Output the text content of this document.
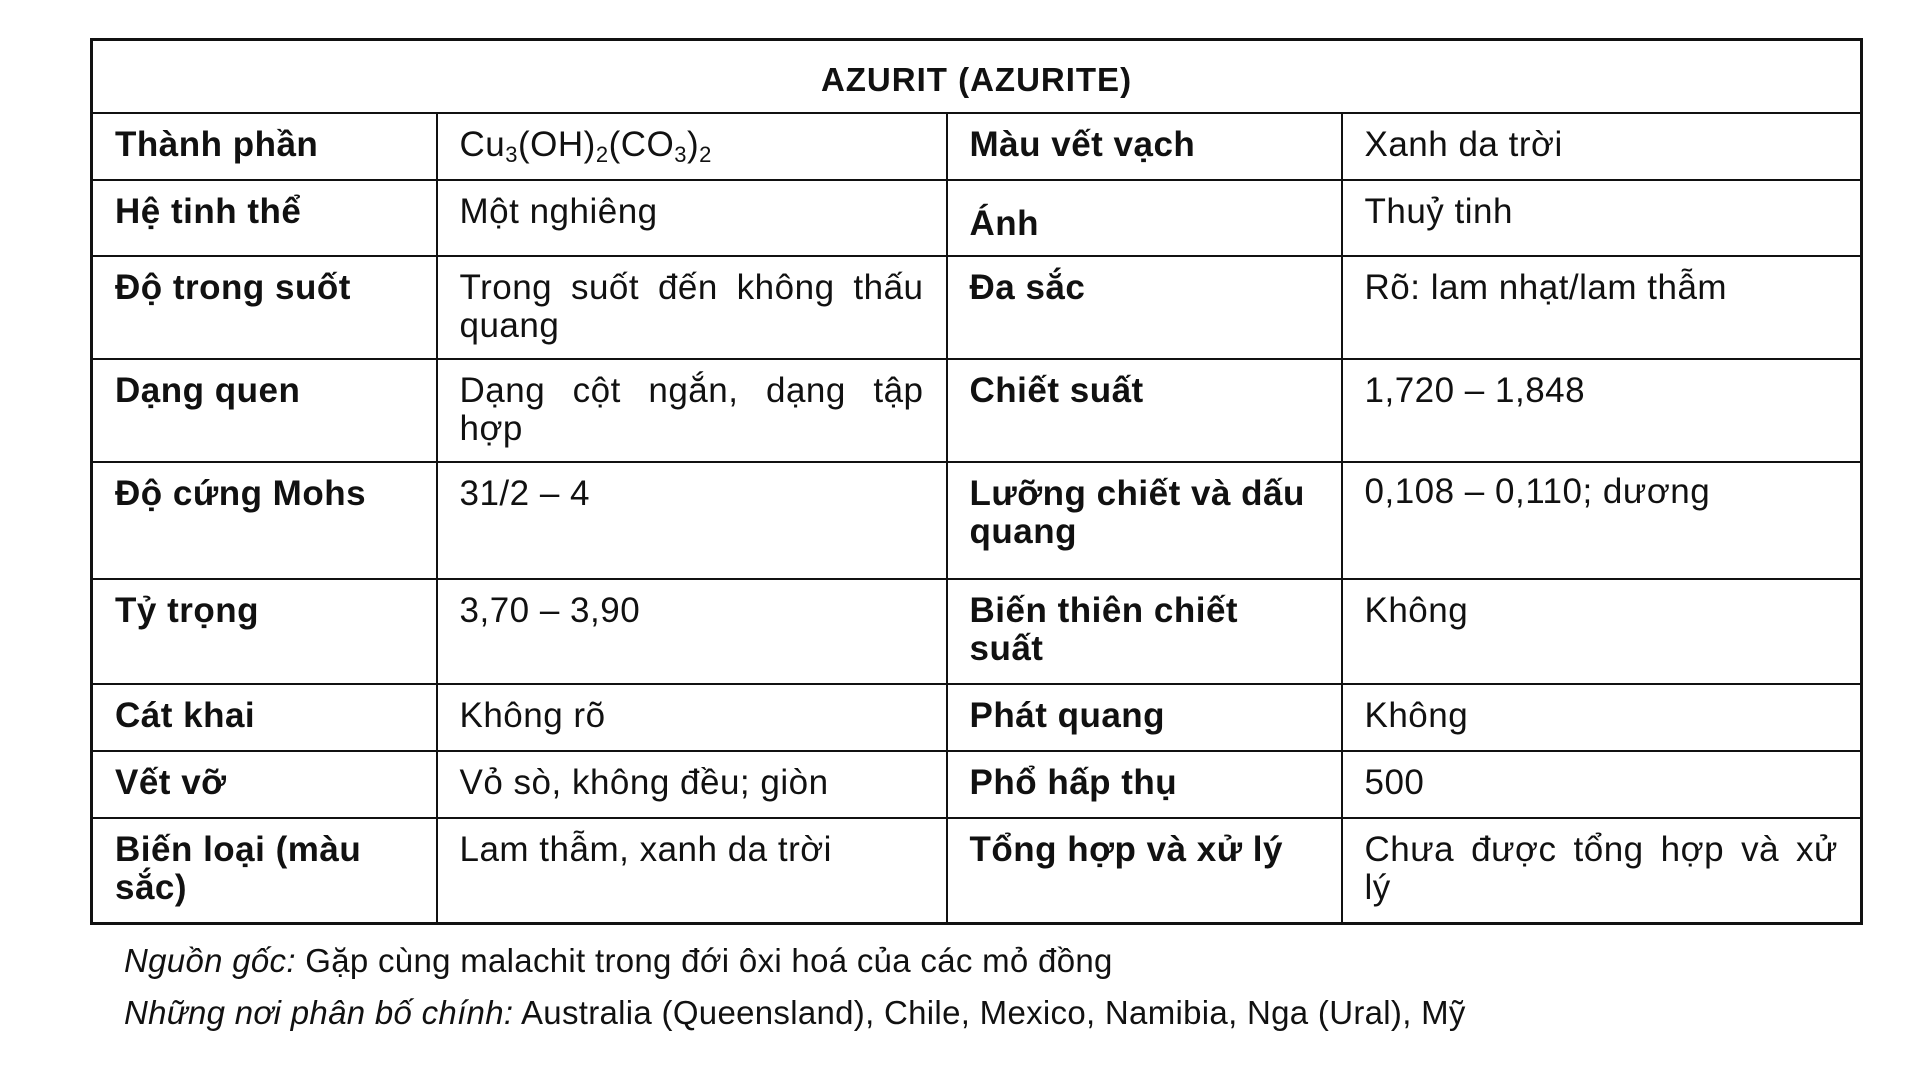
AZURIT (AZURITE)			
Thành phần	$Cu_3(OH)_2(CO_3)_2$	Màu vết vạch	Xanh da trời
Hệ tinh thể	Một nghiêng	Ánh	Thuỷ tinh
Độ trong suốt	Trong suốt đến không thấu quang	Đa sắc	Rõ: lam nhạt/lam thẫm
Dạng quen	Dạng cột ngắn, dạng tập hợp	Chiết suất	1,720 – 1,848
Độ cứng Mohs	31/2 – 4	Lưỡng chiết và dấu quang	0,108 – 0,110; dương
Tỷ trọng	3,70 – 3,90	Biến thiên chiết suất	Không
Cát khai	Không rõ	Phát quang	Không
Vết vỡ	Vỏ sò, không đều; giòn	Phổ hấp thụ	500
Biến loại (màu sắc)	Lam thẫm, xanh da trời	Tổng hợp và xử lý	Chưa được tổng hợp và xử lý
Nguồn gốc: Gặp cùng malachit trong đới ôxi hoá của các mỏ đồng
Những nơi phân bố chính: Australia (Queensland), Chile, Mexico, Namibia, Nga (Ural), Mỹ
